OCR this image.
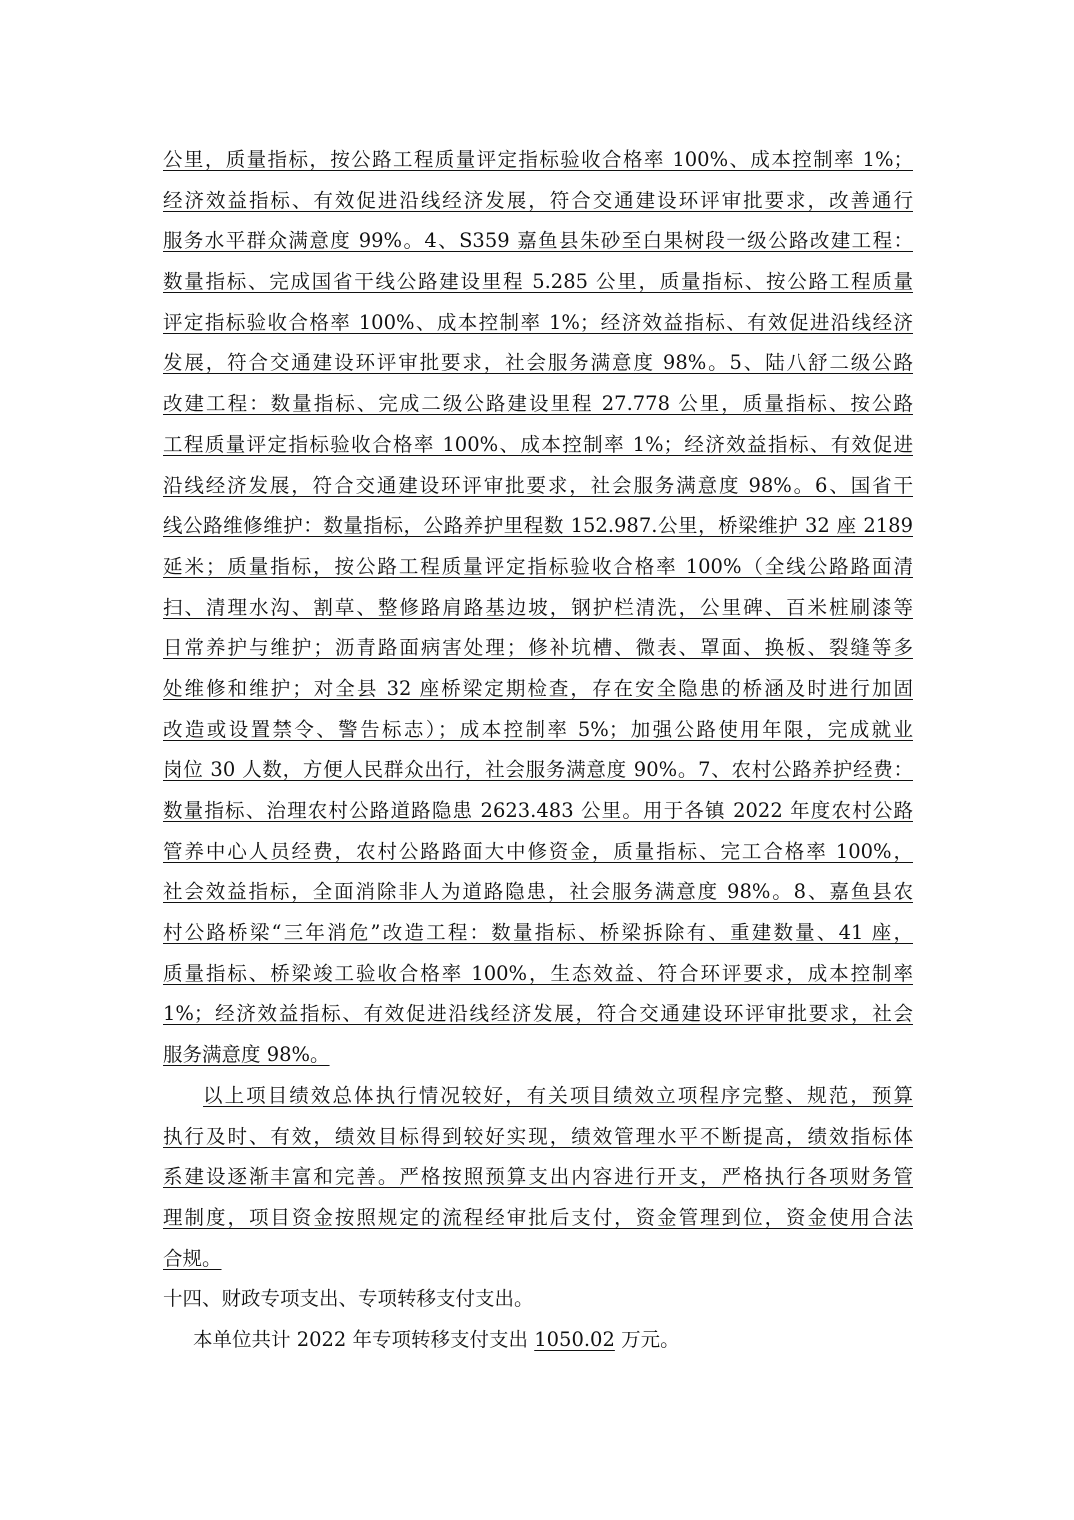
公里，质量指标，按公路工程质量评定指标验收合格率 100%、成本控制率 1%；
经济效益指标、有效促进沿线经济发展，符合交通建设环评审批要求，改善通行
服务水平群众满意度 99%。4、S359 嘉鱼县朱砂至白果树段一级公路改建工程：
数量指标、完成国省干线公路建设里程 5.285 公里，质量指标、按公路工程质量
评定指标验收合格率 100%、成本控制率 1%；经济效益指标、有效促进沿线经济
发展，符合交通建设环评审批要求，社会服务满意度 98%。5、陆八舒二级公路
改建工程：数量指标、完成二级公路建设里程 27.778 公里，质量指标、按公路
工程质量评定指标验收合格率 100%、成本控制率 1%；经济效益指标、有效促进
沿线经济发展，符合交通建设环评审批要求，社会服务满意度 98%。6、国省干
线公路维修维护：数量指标，公路养护里程数 152.987.公里，桥梁维护 32 座 2189
延米；质量指标，按公路工程质量评定指标验收合格率 100%（全线公路路面清
扫、清理水沟、割草、整修路肩路基边坡，钢护栏清洗，公里碑、百米桩刷漆等
日常养护与维护；沥青路面病害处理；修补坑槽、微表、罩面、换板、裂缝等多
处维修和维护；对全县 32 座桥梁定期检查，存在安全隐患的桥涵及时进行加固
改造或设置禁令、警告标志）；成本控制率 5%；加强公路使用年限，完成就业
岗位 30 人数，方便人民群众出行，社会服务满意度 90%。7、农村公路养护经费：
数量指标、治理农村公路道路隐患 2623.483 公里。用于各镇 2022 年度农村公路
管养中心人员经费，农村公路路面大中修资金，质量指标、完工合格率 100%，
社会效益指标，全面消除非人为道路隐患，社会服务满意度 98%。8、嘉鱼县农
村公路桥梁“三年消危”改造工程：数量指标、桥梁拆除有、重建数量、41 座，
质量指标、桥梁竣工验收合格率 100%，生态效益、符合环评要求，成本控制率
1%；经济效益指标、有效促进沿线经济发展，符合交通建设环评审批要求，社会
服务满意度 98%。
以上项目绩效总体执行情况较好，有关项目绩效立项程序完整、规范，预算
执行及时、有效，绩效目标得到较好实现，绩效管理水平不断提高，绩效指标体
系建设逐渐丰富和完善。严格按照预算支出内容进行开支，严格执行各项财务管
理制度，项目资金按照规定的流程经审批后支付，资金管理到位，资金使用合法
合规。
十四、财政专项支出、专项转移支付支出。
本单位共计 2022 年专项转移支付支出 1050.02 万元。
